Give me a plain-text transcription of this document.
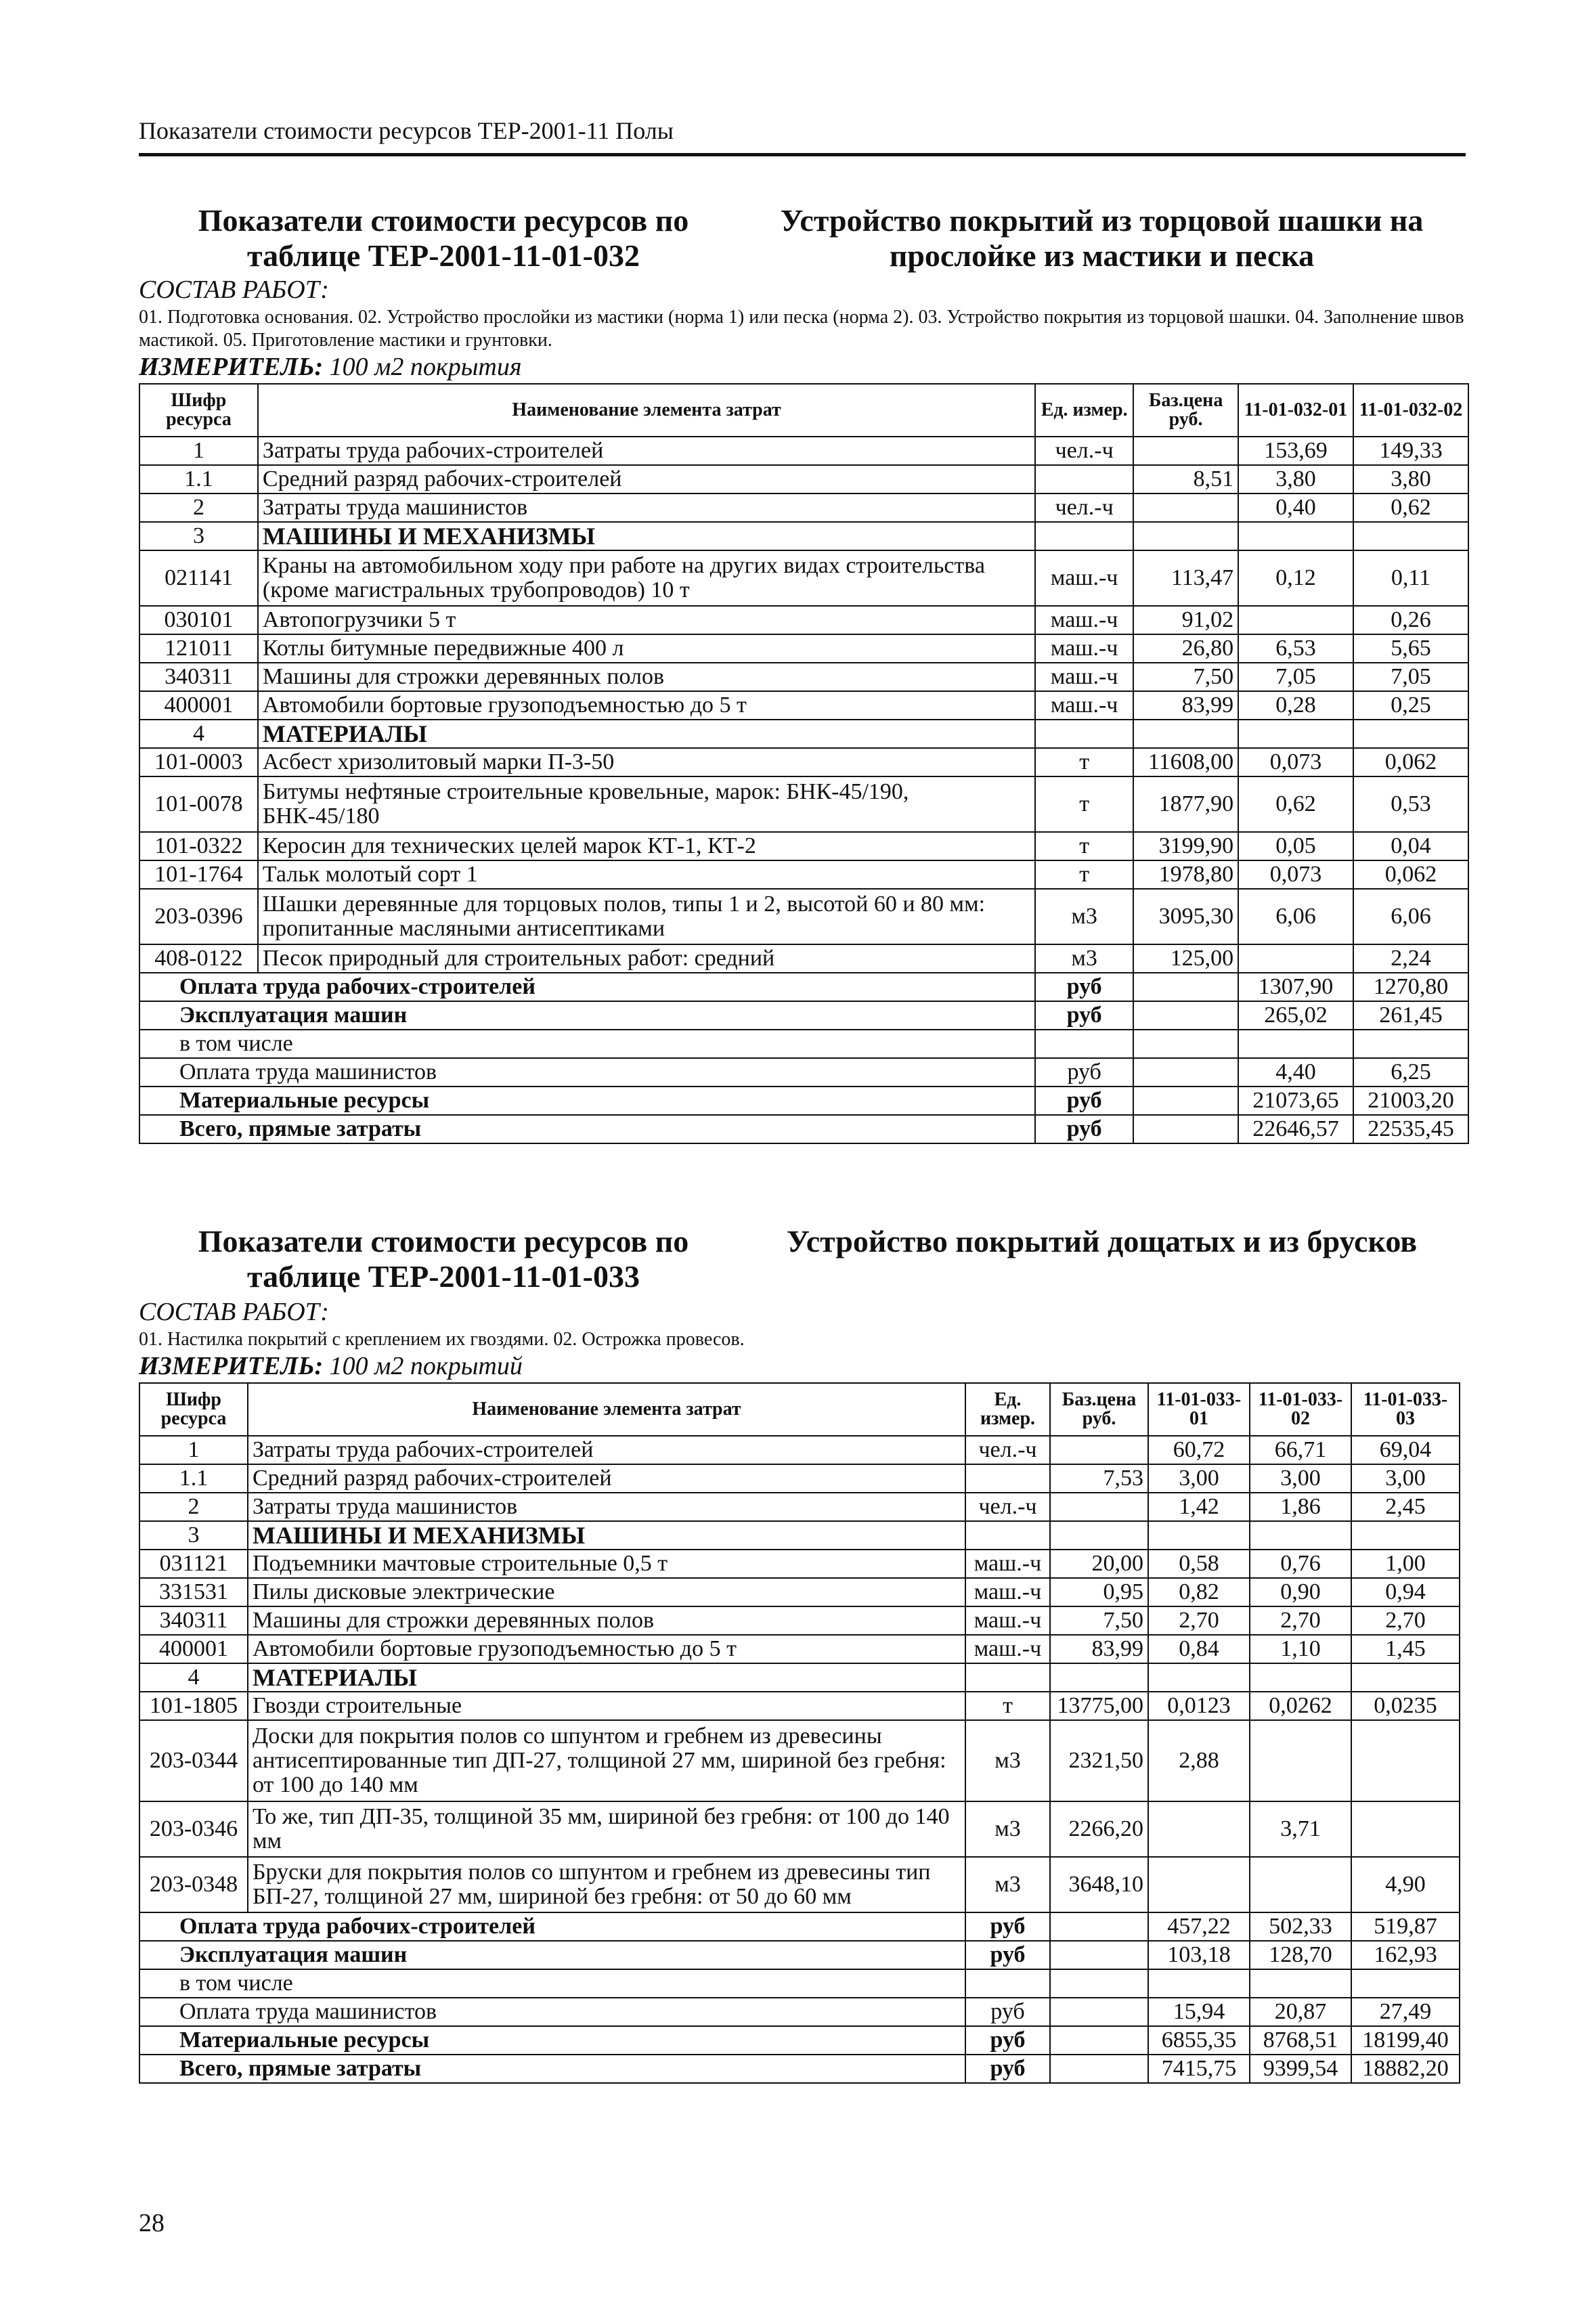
Показатели стоимости ресурсов ТЕР-2001-11 Полы
Показатели стоимости ресурсов по таблице ТЕР-2001-11-01-032
Устройство покрытий из торцовой шашки на прослойке из мастики и песка
СОСТАВ РАБОТ:
01. Подготовка основания. 02. Устройство прослойки из мастики (норма 1) или песка (норма 2). 03. Устройство покрытия из торцовой шашки. 04. Заполнение швов мастикой. 05. Приготовление мастики и грунтовки.
ИЗМЕРИТЕЛЬ: 100 м2 покрытия
Шифр ресурса	Наименование элемента затрат	Ед. измер.	Баз.цена руб.	11-01-032-01	11-01-032-02
1	Затраты труда рабочих-строителей	чел.-ч		153,69	149,33
1.1	Средний разряд рабочих-строителей		8,51	3,80	3,80
2	Затраты труда машинистов	чел.-ч		0,40	0,62
3	МАШИНЫ И МЕХАНИЗМЫ				
021141	Краны на автомобильном ходу при работе на других видах строительства (кроме магистральных трубопроводов) 10 т	маш.-ч	113,47	0,12	0,11
030101	Автопогрузчики 5 т	маш.-ч	91,02		0,26
121011	Котлы битумные передвижные 400 л	маш.-ч	26,80	6,53	5,65
340311	Машины для строжки деревянных полов	маш.-ч	7,50	7,05	7,05
400001	Автомобили бортовые грузоподъемностью до 5 т	маш.-ч	83,99	0,28	0,25
4	МАТЕРИАЛЫ				
101-0003	Асбест хризолитовый марки П-3-50	т	11608,00	0,073	0,062
101-0078	Битумы нефтяные строительные кровельные, марок: БНК-45/190, БНК-45/180	т	1877,90	0,62	0,53
101-0322	Керосин для технических целей марок КТ-1, КТ-2	т	3199,90	0,05	0,04
101-1764	Тальк молотый сорт 1	т	1978,80	0,073	0,062
203-0396	Шашки деревянные для торцовых полов, типы 1 и 2, высотой 60 и 80 мм: пропитанные масляными антисептиками	м3	3095,30	6,06	6,06
408-0122	Песок природный для строительных работ: средний	м3	125,00		2,24
Оплата труда рабочих-строителей		руб		1307,90	1270,80
Эксплуатация машин		руб		265,02	261,45
в том числе					
Оплата труда машинистов		руб		4,40	6,25
Материальные ресурсы		руб		21073,65	21003,20
Всего, прямые затраты		руб		22646,57	22535,45
Показатели стоимости ресурсов по таблице ТЕР-2001-11-01-033
Устройство покрытий дощатых и из брусков
СОСТАВ РАБОТ:
01. Настилка покрытий с креплением их гвоздями. 02. Острожка провесов.
ИЗМЕРИТЕЛЬ: 100 м2 покрытий
Шифр ресурса	Наименование элемента затрат	Ед. измер.	Баз.цена руб.	11-01-033-01	11-01-033-02	11-01-033-03
1	Затраты труда рабочих-строителей	чел.-ч		60,72	66,71	69,04
1.1	Средний разряд рабочих-строителей		7,53	3,00	3,00	3,00
2	Затраты труда машинистов	чел.-ч		1,42	1,86	2,45
3	МАШИНЫ И МЕХАНИЗМЫ					
031121	Подъемники мачтовые строительные 0,5 т	маш.-ч	20,00	0,58	0,76	1,00
331531	Пилы дисковые электрические	маш.-ч	0,95	0,82	0,90	0,94
340311	Машины для строжки деревянных полов	маш.-ч	7,50	2,70	2,70	2,70
400001	Автомобили бортовые грузоподъемностью до 5 т	маш.-ч	83,99	0,84	1,10	1,45
4	МАТЕРИАЛЫ					
101-1805	Гвозди строительные	т	13775,00	0,0123	0,0262	0,0235
203-0344	Доски для покрытия полов со шпунтом и гребнем из древесины антисептированные тип ДП-27, толщиной 27 мм, шириной без гребня: от 100 до 140 мм	м3	2321,50	2,88		
203-0346	То же, тип ДП-35, толщиной 35 мм, шириной без гребня: от 100 до 140 мм	м3	2266,20		3,71	
203-0348	Бруски для покрытия полов со шпунтом и гребнем из древесины тип БП-27, толщиной 27 мм, шириной без гребня: от 50 до 60 мм	м3	3648,10			4,90
Оплата труда рабочих-строителей		руб		457,22	502,33	519,87
Эксплуатация машин		руб		103,18	128,70	162,93
в том числе						
Оплата труда машинистов		руб		15,94	20,87	27,49
Материальные ресурсы		руб		6855,35	8768,51	18199,40
Всего, прямые затраты		руб		7415,75	9399,54	18882,20
28
